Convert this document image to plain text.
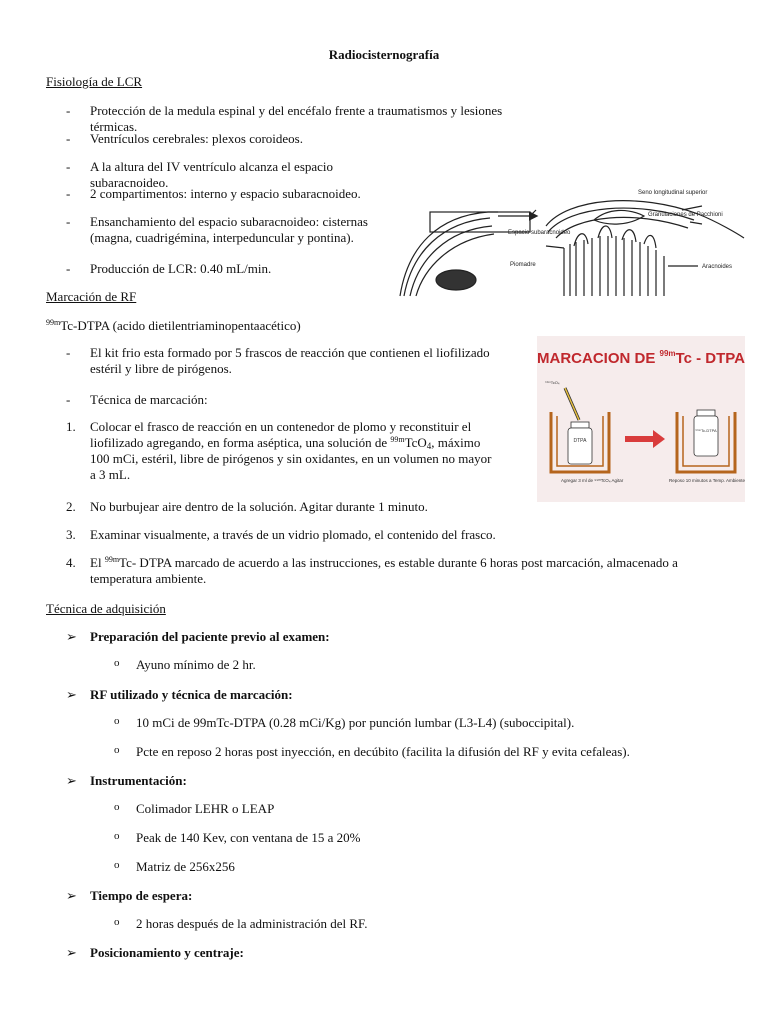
Radiocisternografía
Fisiología de LCR
- Protección de la medula espinal y del encéfalo frente a traumatismos y lesiones térmicas.
- Ventrículos cerebrales: plexos coroideos.
- A la altura del IV ventrículo alcanza el espacio subaracnoideo.
- 2 compartimentos: interno y espacio subaracnoideo.
- Ensanchamiento del espacio subaracnoideo: cisternas (magna, cuadrigémina, interpeduncular y pontina).
- Producción de LCR: 0.40 mL/min.
Seno longitudinal superior
Granulaciones de Pacchioni
Espacio subaracnoideo
Piomadre	Aracnoides
Marcación de RF
$^{99m}$Tc-DTPA (acido dietilentriaminopentaacético)
- El kit frio esta formado por 5 frascos de reacción que contienen el liofilizado estéril y libre de pirógenos.
- Técnica de marcación:
1. Colocar el frasco de reacción en un contenedor de plomo y reconstituir el
liofilizado agregando, en forma aséptica, una solución de $^{99m}$TcO$_4$, máximo
100 mCi, estéril, libre de pirógenos y sin oxidantes, en un volumen no mayor
a 3 mL.
2. No burbujear aire dentro de la solución. Agitar durante 1 minuto.
3. Examinar visualmente, a través de un vidrio plomado, el contenido del frasco.
4. El $^{99m}$Tc- DTPA marcado de acuerdo a las instrucciones, es estable durante 6 horas post marcación, almacenado a
temperatura ambiente.
MARCACION DE $^{99m}$Tc - DTPA
DTPA
⁹⁹ᵐTcO₄
⁹⁹ᵐTc-DTPA
Agregar 3 ml de ⁹⁹ᵐTcO₄ Agitar	Reposo 10 minutos a Temp. Ambiente
Técnica de adquisición
➢ Preparación del paciente previo al examen:
o Ayuno mínimo de 2 hr.
➢ RF utilizado y técnica de marcación:
o 10 mCi de 99mTc-DTPA (0.28 mCi/Kg) por punción lumbar (L3-L4) (suboccipital).
o Pcte en reposo 2 horas post inyección, en decúbito (facilita la difusión del RF y evita cefaleas).
➢ Instrumentación:
o Colimador LEHR o LEAP
o Peak de 140 Kev, con ventana de 15 a 20%
o Matriz de 256x256
➢ Tiempo de espera:
o 2 horas después de la administración del RF.
➢ Posicionamiento y centraje:
